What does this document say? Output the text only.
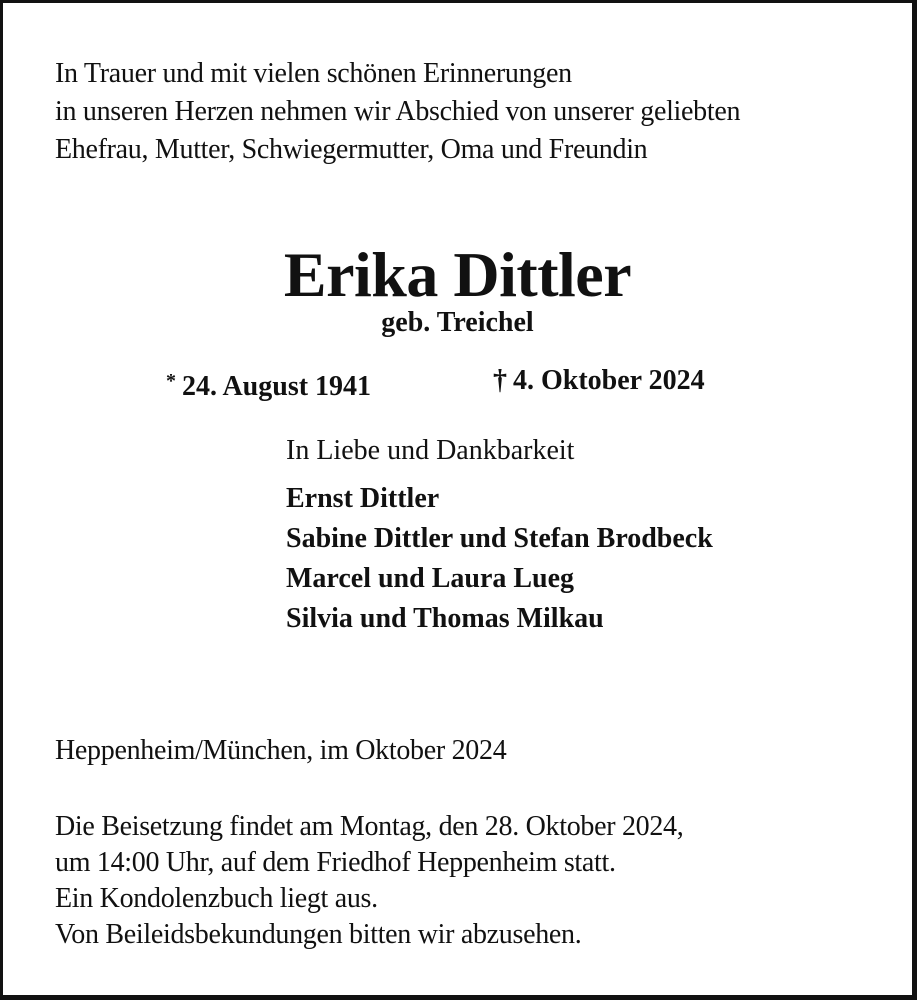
In Trauer und mit vielen schönen Erinnerungen
in unseren Herzen nehmen wir Abschied von unserer geliebten
Ehefrau, Mutter, Schwiegermutter, Oma und Freundin
Erika Dittler
geb. Treichel
* 24. August 1941	† 4. Oktober 2024
In Liebe und Dankbarkeit
Ernst Dittler
Sabine Dittler und Stefan Brodbeck
Marcel und Laura Lueg
Silvia und Thomas Milkau
Heppenheim/München, im Oktober 2024
Die Beisetzung findet am Montag, den 28. Oktober 2024,
um 14:00 Uhr, auf dem Friedhof Heppenheim statt.
Ein Kondolenzbuch liegt aus.
Von Beileidsbekundungen bitten wir abzusehen.
